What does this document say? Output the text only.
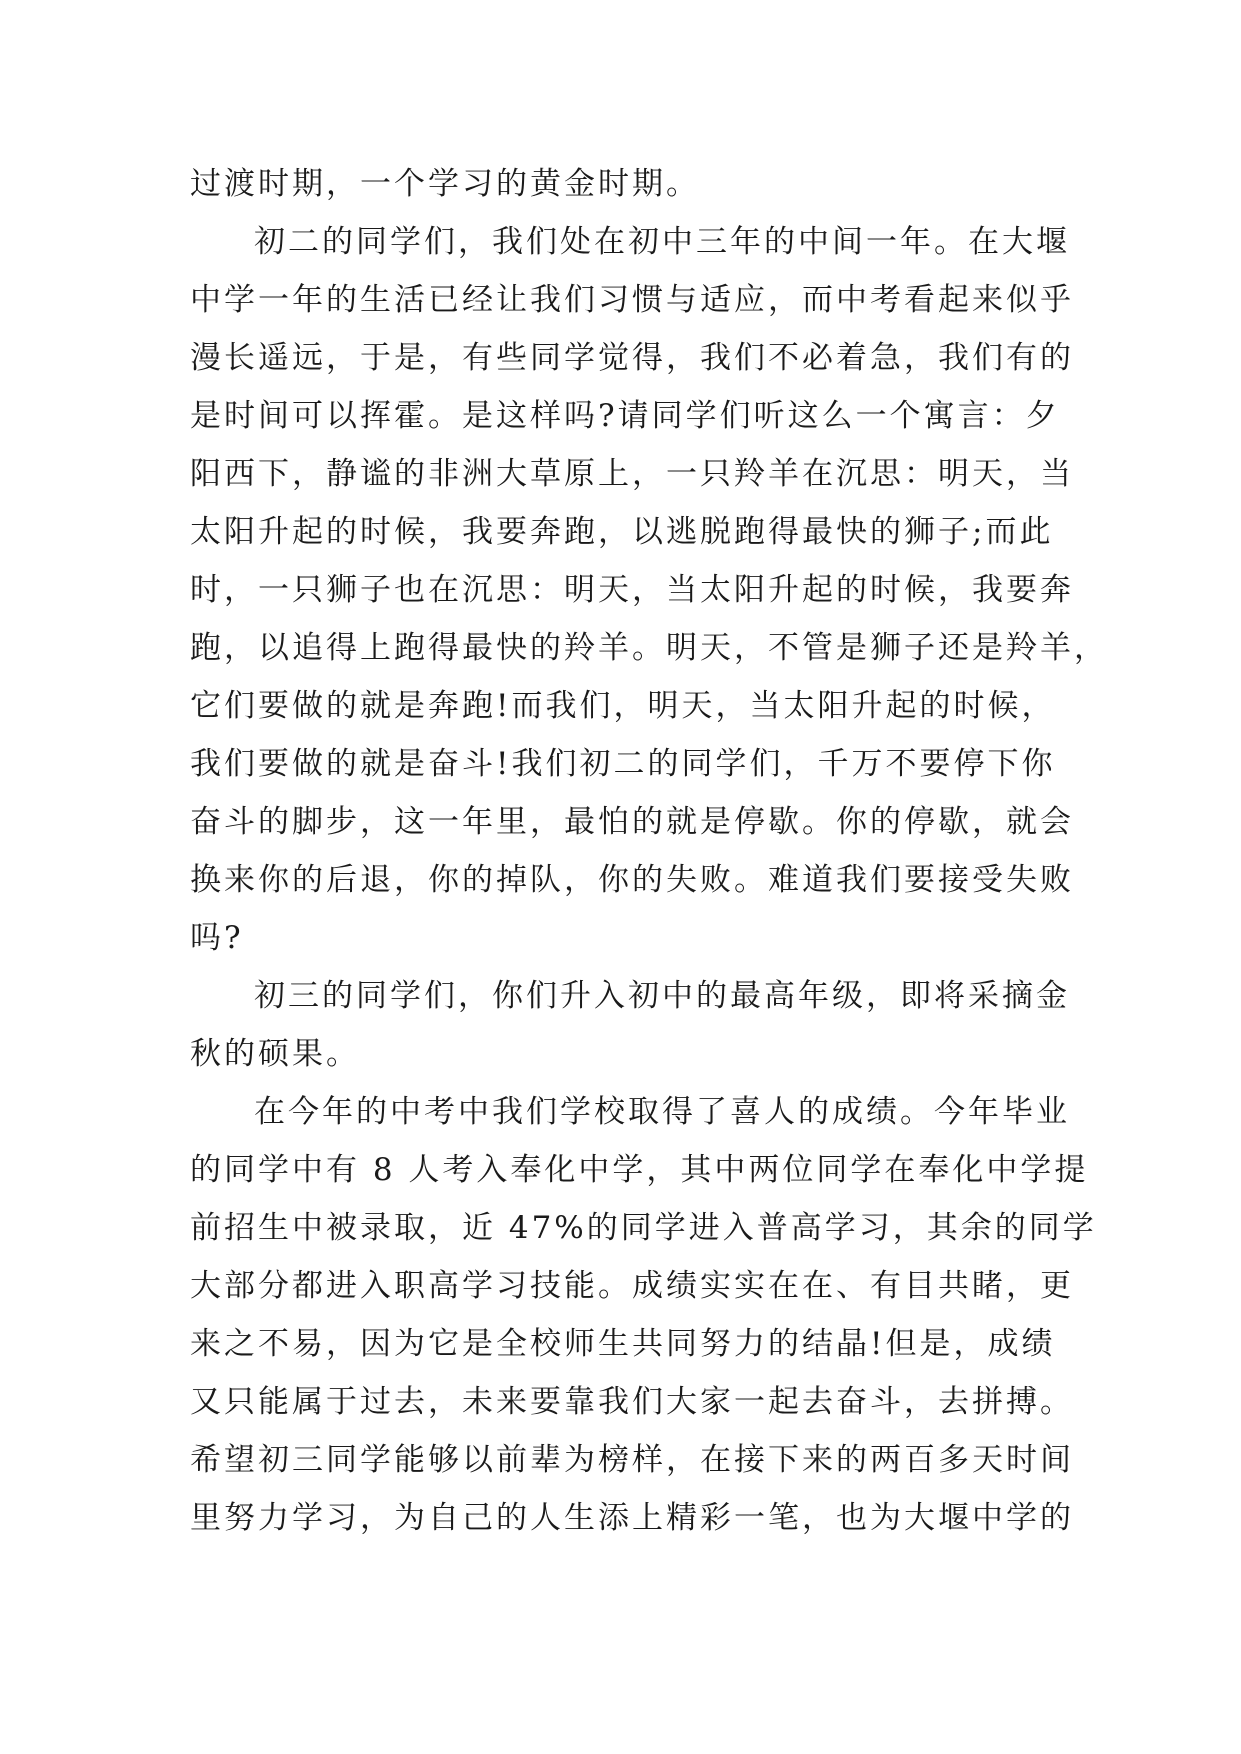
过渡时期，一个学习的黄金时期。
初二的同学们，我们处在初中三年的中间一年。在大堰
中学一年的生活已经让我们习惯与适应，而中考看起来似乎
漫长遥远，于是，有些同学觉得，我们不必着急，我们有的
是时间可以挥霍。是这样吗?请同学们听这么一个寓言：夕
阳西下，静谧的非洲大草原上，一只羚羊在沉思：明天，当
太阳升起的时候，我要奔跑，以逃脱跑得最快的狮子;而此
时，一只狮子也在沉思：明天，当太阳升起的时候，我要奔
跑，以追得上跑得最快的羚羊。明天，不管是狮子还是羚羊，
它们要做的就是奔跑!而我们，明天，当太阳升起的时候，
我们要做的就是奋斗!我们初二的同学们，千万不要停下你
奋斗的脚步，这一年里，最怕的就是停歇。你的停歇，就会
换来你的后退，你的掉队，你的失败。难道我们要接受失败
吗?
初三的同学们，你们升入初中的最高年级，即将采摘金
秋的硕果。
在今年的中考中我们学校取得了喜人的成绩。今年毕业
的同学中有 8 人考入奉化中学，其中两位同学在奉化中学提
前招生中被录取，近 47%的同学进入普高学习，其余的同学
大部分都进入职高学习技能。成绩实实在在、有目共睹，更
来之不易，因为它是全校师生共同努力的结晶!但是，成绩
又只能属于过去，未来要靠我们大家一起去奋斗，去拼搏。
希望初三同学能够以前辈为榜样，在接下来的两百多天时间
里努力学习，为自己的人生添上精彩一笔，也为大堰中学的
